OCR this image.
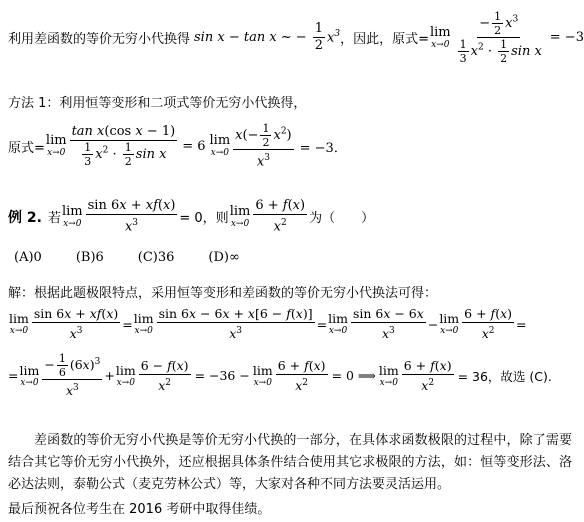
利用差函数的等价无穷小代换得 sin x − tan x ~ − $\frac{1}{2} x^3$ ，因此，原式= lim
$x\to 0 \frac{- \frac{1}{2} x^3}{\frac{1}{3} x^2 \cdot \frac{1}{2} \sin x} = -3$
方法 1：利用恒等变形和二项式等价无穷小代换得，
原式= lim
$x\to 0 \frac{\text{tan x(cos x − 1)}}{\frac{1}{3} x^2 \cdot \frac{1}{2} \sin x} = 6$ lim
$x\to 0 \frac{x(- \frac{1}{2} x^2)}{x^3} = -3$．
例 2. 若 lim
$x\to 0 \frac{\sin 6x + xf(x)}{x^3} = 0$，则 lim
$x\to 0 \frac{6 + f(x)}{x^2}$ 为（　　）
(A)0	(B)6	(C)36	(D)∞
解：根据此题极限特点，采用恒等变形和差函数的等价无穷小代换法可得：
lim
$x\to 0 \frac{\sin 6x + xf(x)}{x^3} = \lim$
$x\to 0 \frac{\sin 6x - 6x + x[6 - f(x)]}{x^3} = \lim$
$x\to 0 \frac{\sin 6x - 6x}{x^3} - \lim$
$x\to 0 \frac{6 + f(x)}{x^2}$ =
= lim
$x\to 0 \frac{- \frac{1}{6} (6x)^3}{x^3} + \lim$
$x\to 0 \frac{6 - f(x)}{x^2} = -36 - \lim$
$x\to 0 \frac{6 + f(x)}{x^2} = 0$ ⟹ lim
$x\to 0 \frac{6 + f(x)}{x^2} = 36$，故选 (C).
差函数的等价无穷小代换是等价无穷小代换的一部分，在具体求函数极限的过程中，除了需要结合其它等价无穷小代换外，还应根据具体条件结合使用其它求极限的方法，如：恒等变形法、洛必达法则，泰勒公式（麦克劳林公式）等，大家对各种不同方法要灵活运用。
最后预祝各位考生在 2016 考研中取得佳绩。
